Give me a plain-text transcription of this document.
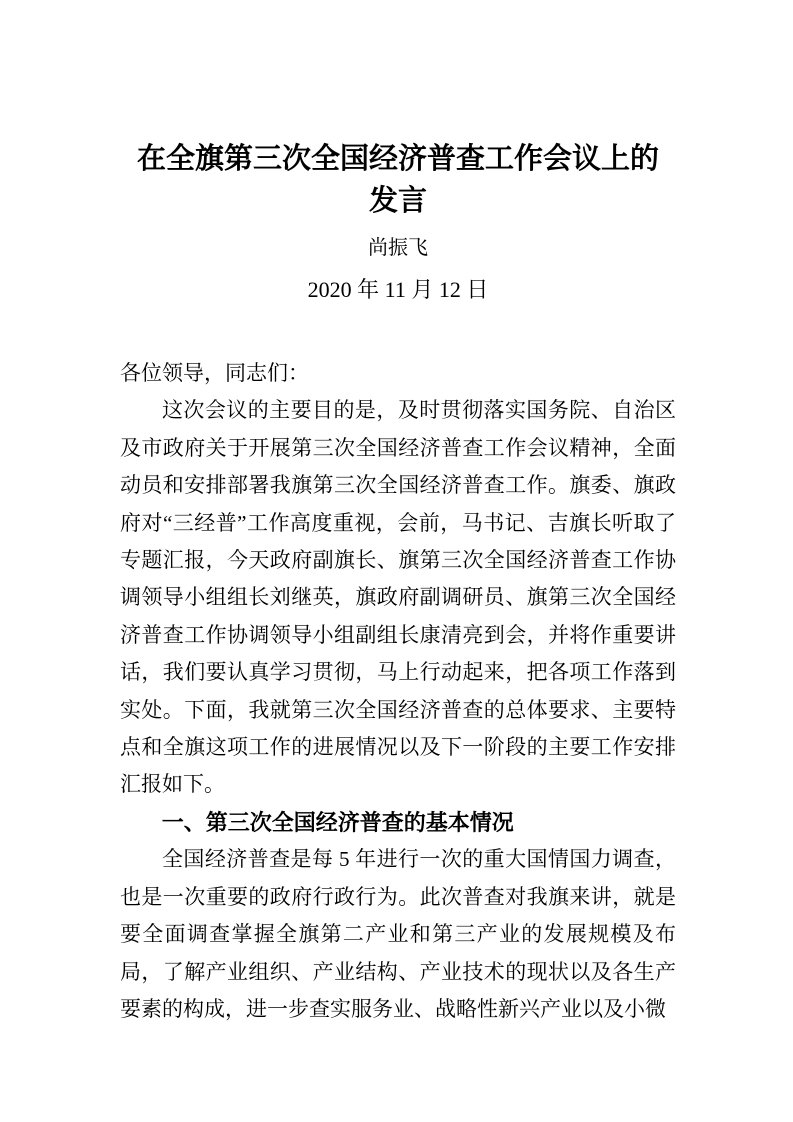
在全旗第三次全国经济普查工作会议上的发言
尚振飞
2020 年 11 月 12 日

各位领导，同志们：

这次会议的主要目的是，及时贯彻落实国务院、自治区及市政府关于开展第三次全国经济普查工作会议精神，全面动员和安排部署我旗第三次全国经济普查工作。旗委、旗政府对“三经普”工作高度重视，会前，马书记、吉旗长听取了专题汇报，今天政府副旗长、旗第三次全国经济普查工作协调领导小组组长刘继英，旗政府副调研员、旗第三次全国经济普查工作协调领导小组副组长康清亮到会，并将作重要讲话，我们要认真学习贯彻，马上行动起来，把各项工作落到实处。下面，我就第三次全国经济普查的总体要求、主要特点和全旗这项工作的进展情况以及下一阶段的主要工作安排汇报如下。

一、第三次全国经济普查的基本情况

全国经济普查是每 5 年进行一次的重大国情国力调查，也是一次重要的政府行政行为。此次普查对我旗来讲，就是要全面调查掌握全旗第二产业和第三产业的发展规模及布局，了解产业组织、产业结构、产业技术的现状以及各生产要素的构成，进一步查实服务业、战略性新兴产业以及小微
